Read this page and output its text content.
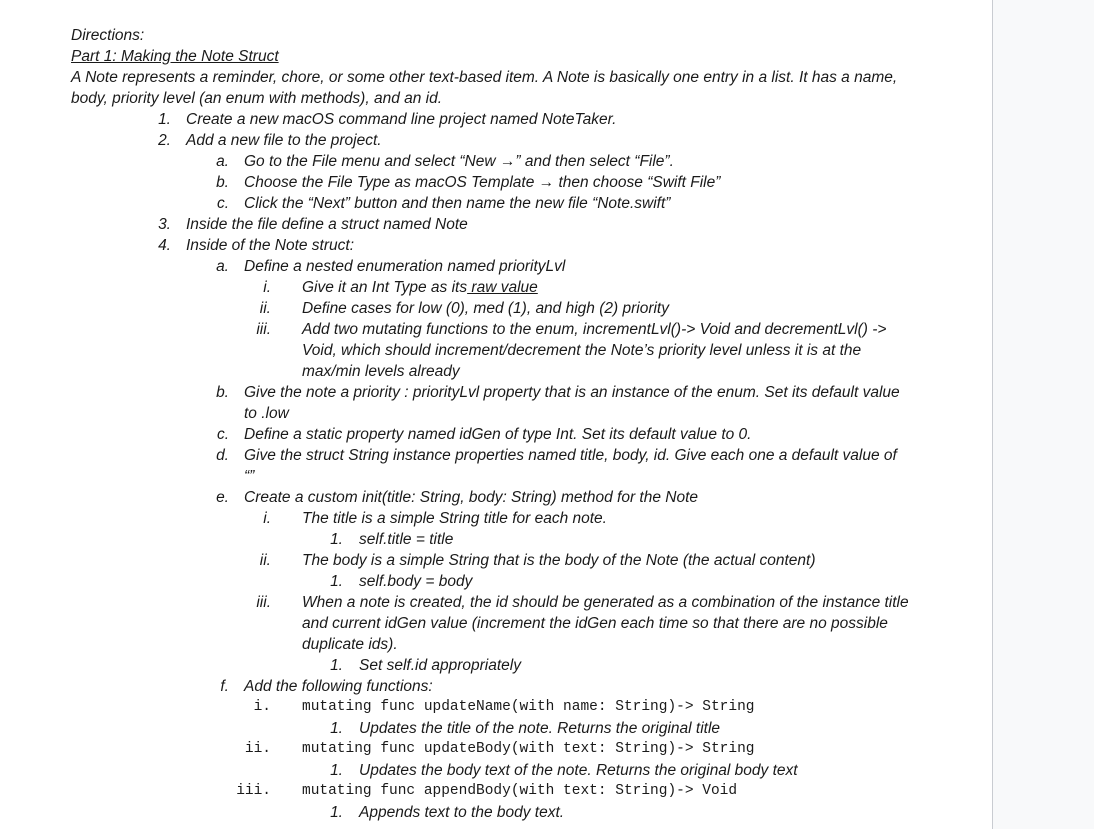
Directions:
Part 1: Making the Note Struct
A Note represents a reminder, chore, or some other text-based item. A Note is basically one entry in a list. It has a name,
body, priority level (an enum with methods), and an id.
1. Create a new macOS command line project named NoteTaker.
2. Add a new file to the project.
a. Go to the File menu and select “New →” and then select “File”.
b. Choose the File Type as macOS Template → then choose “Swift File”
c. Click the “Next” button and then name the new file “Note.swift”
3. Inside the file define a struct named Note
4. Inside of the Note struct:
a. Define a nested enumeration named priorityLvl
i. Give it an Int Type as its raw value
ii. Define cases for low (0), med (1), and high (2) priority
iii. Add two mutating functions to the enum, incrementLvl()-> Void and decrementLvl() ->
Void, which should increment/decrement the Note’s priority level unless it is at the
max/min levels already
b. Give the note a priority : priorityLvl property that is an instance of the enum. Set its default value
to .low
c. Define a static property named idGen of type Int. Set its default value to 0.
d. Give the struct String instance properties named title, body, id. Give each one a default value of
“”
e. Create a custom init(title: String, body: String) method for the Note
i. The title is a simple String title for each note.
1. self.title = title
ii. The body is a simple String that is the body of the Note (the actual content)
1. self.body = body
iii. When a note is created, the id should be generated as a combination of the instance title
and current idGen value (increment the idGen each time so that there are no possible
duplicate ids).
1. Set self.id appropriately
f. Add the following functions:
i. mutating func updateName(with name: String)-> String
1. Updates the title of the note. Returns the original title
ii. mutating func updateBody(with text: String)-> String
1. Updates the body text of the note. Returns the original body text
iii. mutating func appendBody(with text: String)-> Void
1. Appends text to the body text.
